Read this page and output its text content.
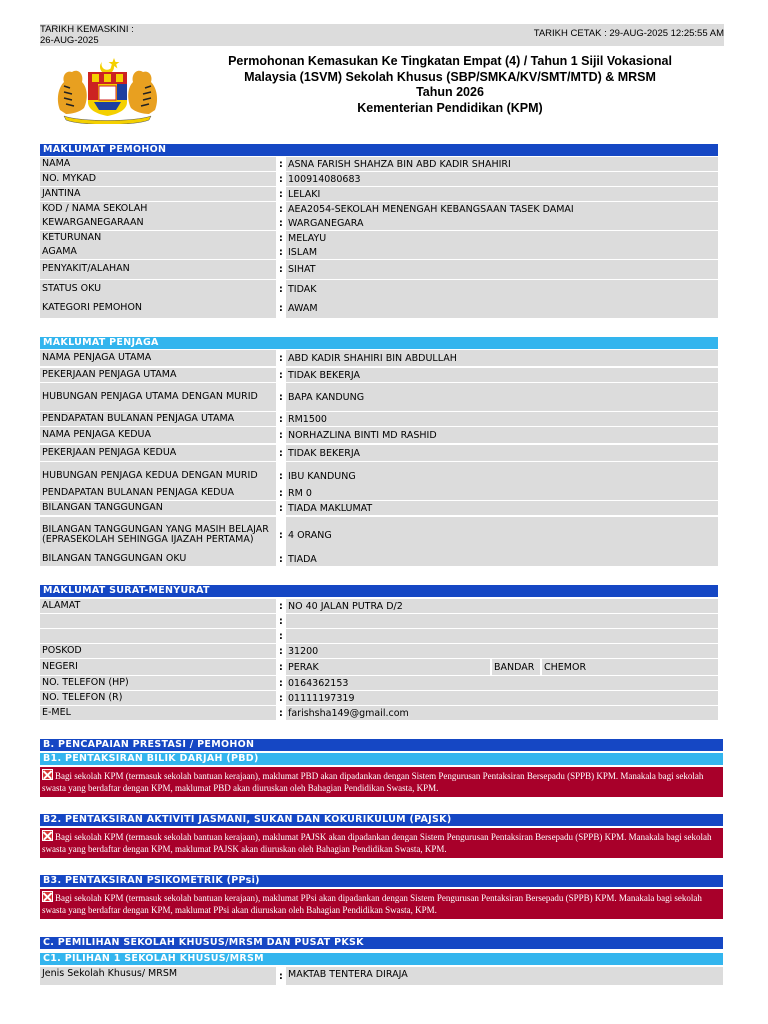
TARIKH KEMASKINI :
26-AUG-2025
TARIKH CETAK : 29-AUG-2025 12:25:55 AM
Permohonan Kemasukan Ke Tingkatan Empat (4) / Tahun 1 Sijil Vokasional
Malaysia (1SVM) Sekolah Khusus (SBP/SMKA/KV/SMT/MTD) & MRSM
Tahun 2026
Kementerian Pendidikan (KPM)
MAKLUMAT PEMOHON
NAMA	: ASNA FARISH SHAHZA BIN ABD KADIR SHAHIRI
NO. MYKAD	: 100914080683
JANTINA	: LELAKI
KOD / NAMA SEKOLAH	: AEA2054-SEKOLAH MENENGAH KEBANGSAAN TASEK DAMAI
KEWARGANEGARAAN	: WARGANEGARA
KETURUNAN	: MELAYU
AGAMA	: ISLAM
PENYAKIT/ALAHAN	: SIHAT
STATUS OKU	: TIDAK
KATEGORI PEMOHON	: AWAM
MAKLUMAT PENJAGA
NAMA PENJAGA UTAMA	: ABD KADIR SHAHIRI BIN ABDULLAH
PEKERJAAN PENJAGA UTAMA	: TIDAK BEKERJA
HUBUNGAN PENJAGA UTAMA DENGAN MURID	: BAPA KANDUNG
PENDAPATAN BULANAN PENJAGA UTAMA	: RM1500
NAMA PENJAGA KEDUA	: NORHAZLINA BINTI MD RASHID
PEKERJAAN PENJAGA KEDUA	: TIDAK BEKERJA
HUBUNGAN PENJAGA KEDUA DENGAN MURID	: IBU KANDUNG
PENDAPATAN BULANAN PENJAGA KEDUA	: RM 0
BILANGAN TANGGUNGAN	: TIADA MAKLUMAT
BILANGAN TANGGUNGAN YANG MASIH BELAJAR (EPRASEKOLAH SEHINGGA IJAZAH PERTAMA)	: 4 ORANG
BILANGAN TANGGUNGAN OKU	: TIADA
MAKLUMAT SURAT-MENYURAT
ALAMAT	: NO 40 JALAN PUTRA D/2
:
:
POSKOD	: 31200
NEGERI	: PERAK	BANDAR	CHEMOR
NO. TELEFON (HP)	: 0164362153
NO. TELEFON (R)	: 01111197319
E-MEL	: farishsha149@gmail.com
B. PENCAPAIAN PRESTASI / PEMOHON
B1. PENTAKSIRAN BILIK DARJAH (PBD)
Bagi sekolah KPM (termasuk sekolah bantuan kerajaan), maklumat PBD akan dipadankan dengan Sistem Pengurusan Pentaksiran Bersepadu (SPPB) KPM. Manakala bagi sekolah swasta yang berdaftar dengan KPM, maklumat PBD akan diuruskan oleh Bahagian Pendidikan Swasta, KPM.
B2. PENTAKSIRAN AKTIVITI JASMANI, SUKAN DAN KOKURIKULUM (PAJSK)
Bagi sekolah KPM (termasuk sekolah bantuan kerajaan), maklumat PAJSK akan dipadankan dengan Sistem Pengurusan Pentaksiran Bersepadu (SPPB) KPM. Manakala bagi sekolah swasta yang berdaftar dengan KPM, maklumat PAJSK akan diuruskan oleh Bahagian Pendidikan Swasta, KPM.
B3. PENTAKSIRAN PSIKOMETRIK (PPsi)
Bagi sekolah KPM (termasuk sekolah bantuan kerajaan), maklumat PPsi akan dipadankan dengan Sistem Pengurusan Pentaksiran Bersepadu (SPPB) KPM. Manakala bagi sekolah swasta yang berdaftar dengan KPM, maklumat PPsi akan diuruskan oleh Bahagian Pendidikan Swasta, KPM.
C. PEMILIHAN SEKOLAH KHUSUS/MRSM DAN PUSAT PKSK
C1. PILIHAN 1 SEKOLAH KHUSUS/MRSM
Jenis Sekolah Khusus/ MRSM	: MAKTAB TENTERA DIRAJA
